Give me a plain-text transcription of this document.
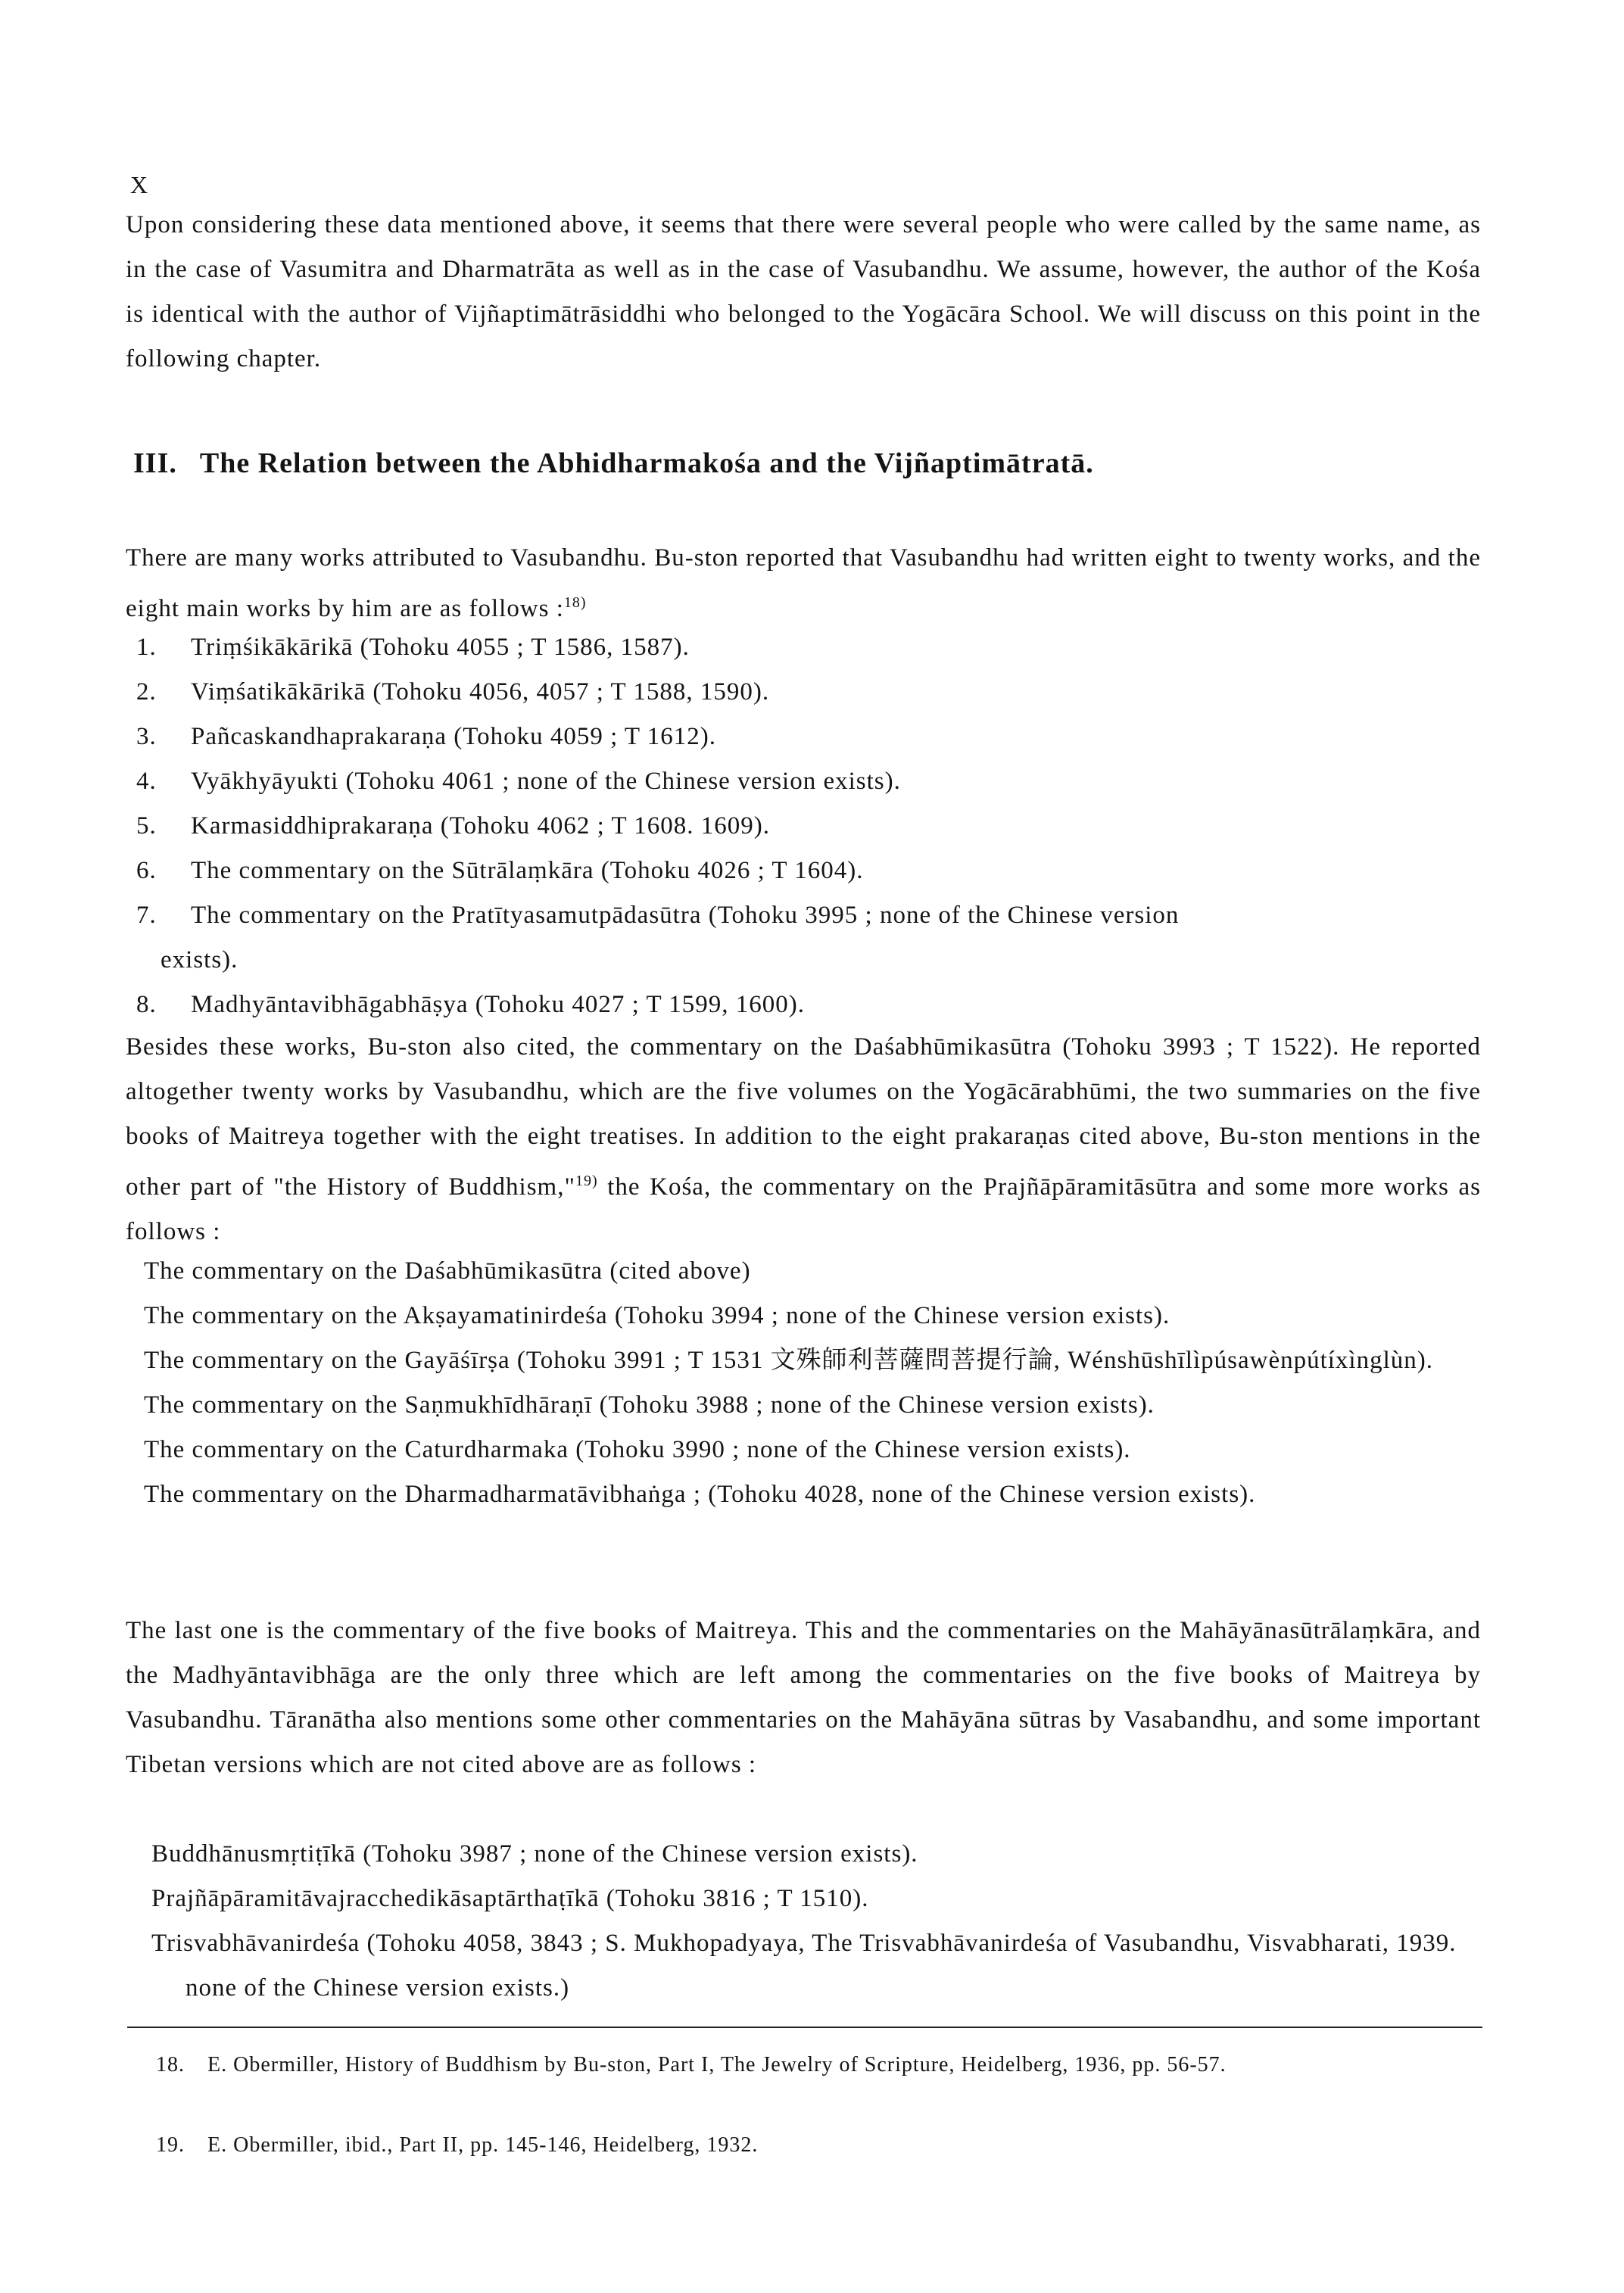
X

Upon considering these data mentioned above, it seems that there were several people who were called by the same name, as in the case of Vasumitra and Dharmatrāta as well as in the case of Vasubandhu. We assume, however, the author of the Kośa is identical with the author of Vijñaptimātrāsiddhi who belonged to the Yogācāra School. We will discuss on this point in the following chapter.

III. The Relation between the Abhidharmakośa and the Vijñaptimātratā.

There are many works attributed to Vasubandhu. Bu-ston reported that Vasubandhu had written eight to twenty works, and the eight main works by him are as follows :$^{18)}$

1. Triṃśikākārikā (Tohoku 4055 ; T 1586, 1587).
2. Viṃśatikākārikā (Tohoku 4056, 4057 ; T 1588, 1590).
3. Pañcaskandhaprakaraṇa (Tohoku 4059 ; T 1612).
4. Vyākhyāyukti (Tohoku 4061 ; none of the Chinese version exists).
5. Karmasiddhiprakaraṇa (Tohoku 4062 ; T 1608. 1609).
6. The commentary on the Sūtrālaṃkāra (Tohoku 4026 ; T 1604).
7. The commentary on the Pratītyasamutpādasūtra (Tohoku 3995 ; none of the Chinese version
exists).
8. Madhyāntavibhāgabhāṣya (Tohoku 4027 ; T 1599, 1600).

Besides these works, Bu-ston also cited, the commentary on the Daśabhūmikasūtra (Tohoku 3993 ; T 1522). He reported altogether twenty works by Vasubandhu, which are the five volumes on the Yogācārabhūmi, the two summaries on the five books of Maitreya together with the eight treatises. In addition to the eight prakaraṇas cited above, Bu-ston mentions in the other part of "the History of Buddhism,"$^{19)}$ the Kośa, the commentary on the Prajñāpāramitāsūtra and some more works as follows :

The commentary on the Daśabhūmikasūtra (cited above)
The commentary on the Akṣayamatinirdeśa (Tohoku 3994 ; none of the Chinese version exists).
The commentary on the Gayāśīrṣa (Tohoku 3991 ; T 1531 文殊師利菩薩問菩提行論, Wénshūshīlìpúsawènpútíxìnglùn).
The commentary on the Saṇmukhīdhāraṇī (Tohoku 3988 ; none of the Chinese version exists).
The commentary on the Caturdharmaka (Tohoku 3990 ; none of the Chinese version exists).
The commentary on the Dharmadharmatāvibhaṅga ; (Tohoku 4028, none of the Chinese version exists).

The last one is the commentary of the five books of Maitreya. This and the commentaries on the Mahāyānasūtrālaṃkāra, and the Madhyāntavibhāga are the only three which are left among the commentaries on the five books of Maitreya by Vasubandhu. Tāranātha also mentions some other commentaries on the Mahāyāna sūtras by Vasabandhu, and some important Tibetan versions which are not cited above are as follows :

Buddhānusmṛtiṭīkā (Tohoku 3987 ; none of the Chinese version exists).
Prajñāpāramitāvajracchedikāsaptārthaṭīkā (Tohoku 3816 ; T 1510).
Trisvabhāvanirdeśa (Tohoku 4058, 3843 ; S. Mukhopadyaya, The Trisvabhāvanirdeśa of Vasubandhu, Visvabharati, 1939. none of the Chinese version exists.)
18. E. Obermiller, History of Buddhism by Bu-ston, Part I, The Jewelry of Scripture, Heidelberg, 1936, pp. 56-57.
19. E. Obermiller, ibid., Part II, pp. 145-146, Heidelberg, 1932.
